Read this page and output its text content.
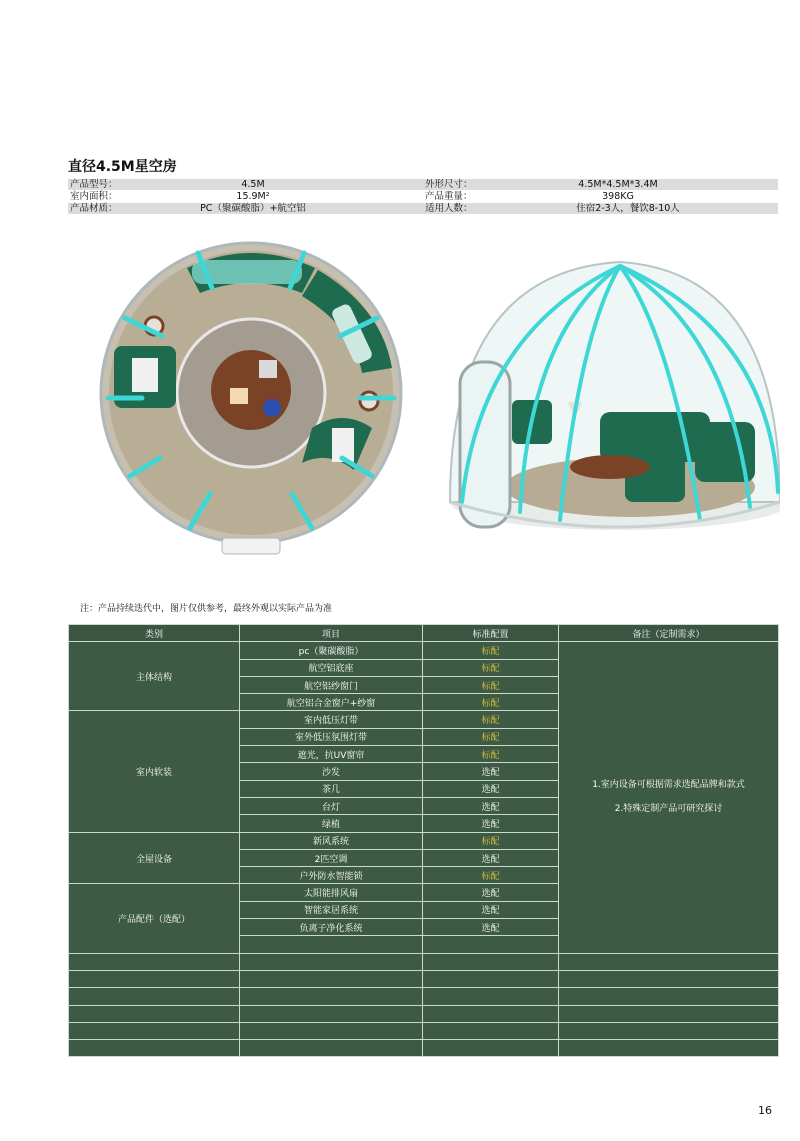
直径4.5M星空房
产品型号：	4.5M	外形尺寸：	4.5M*4.5M*3.4M
室内面积：	15.9M²	产品重量：	398KG
产品材质：	PC（聚碳酸脂）+航空铝	适用人数：	住宿2-3人，餐饮8-10人
注：产品持续迭代中，图片仅供参考，最终外观以实际产品为准
类别	项目	标准配置	备注（定制需求）
主体结构	pc（聚碳酸脂）	标配	1.室内设备可根据需求选配品牌和款式

2.特殊定制产品可研究探讨

	航空铝底座	标配	
	航空铝纱窗门	标配	
	航空铝合金窗户+纱窗	标配	
室内软装	室内低压灯带	标配	
	室外低压氛围灯带	标配	
	遮光，抗UV窗帘	标配	
	沙发	选配	
	茶几	选配	
	台灯	选配	
	绿植	选配	
全屋设备	新风系统	标配	
	2匹空调	选配	
	户外防水智能锁	标配	
产品配件（选配）	太阳能排风扇	选配	
	智能家居系统	选配	
	负离子净化系统	选配	

16
